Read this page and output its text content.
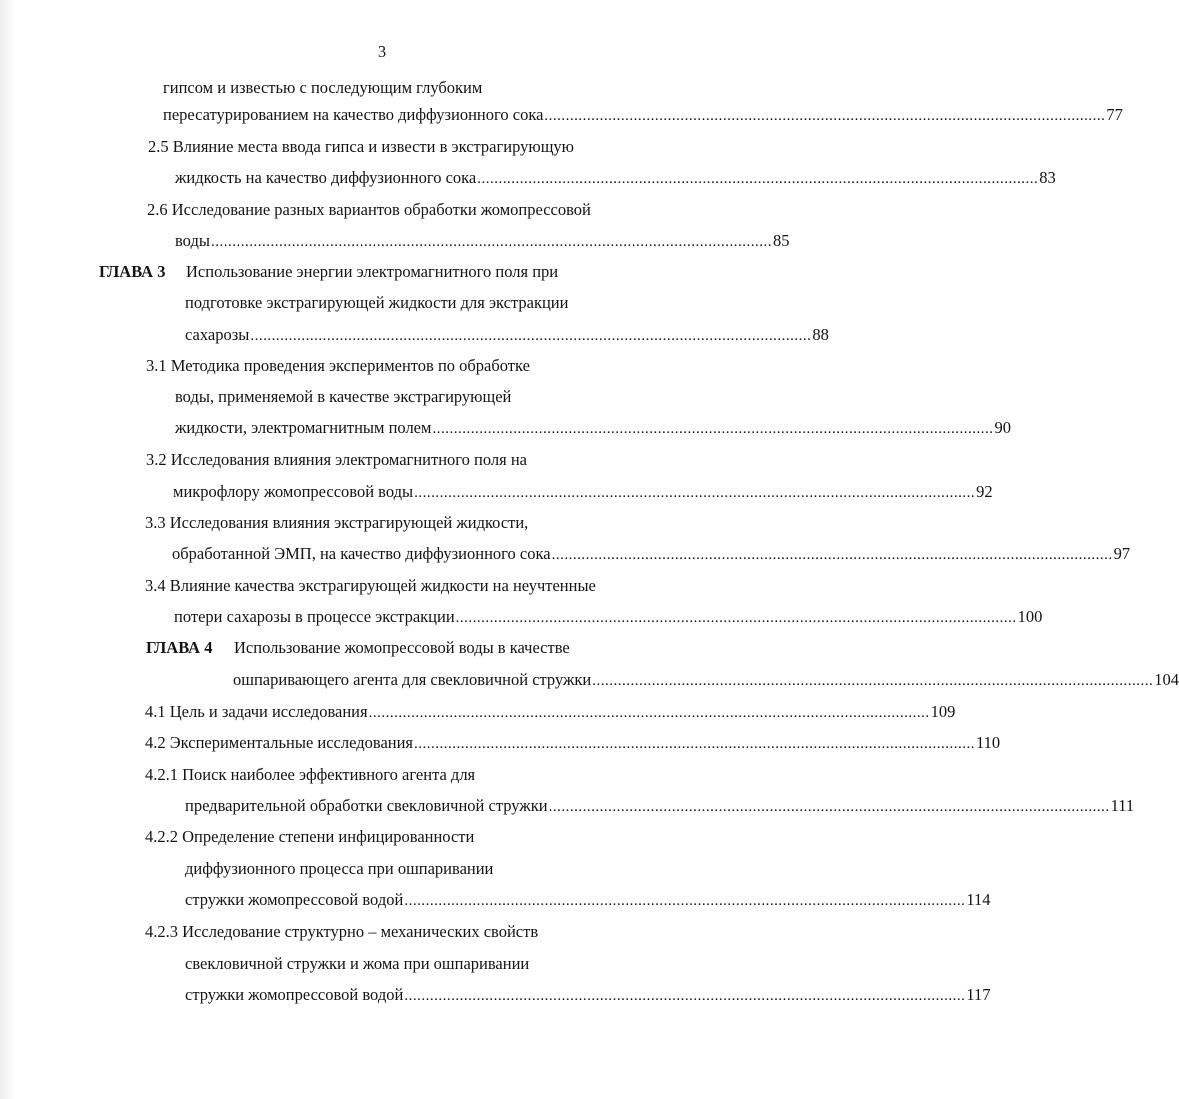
3
гипсом и известью с последующим глубоким
пересатурированием на качество диффузионного сока .................................................................................................................................... 77
2.5 Влияние места ввода гипса и извести в экстрагирующую
жидкость на качество диффузионного сока .................................................................................................................................... 83
2.6 Исследование разных вариантов обработки жомопрессовой
воды .................................................................................................................................... 85
ГЛАВА 3 Использование энергии электромагнитного поля при
подготовке экстрагирующей жидкости для экстракции
сахарозы .................................................................................................................................... 88
3.1 Методика проведения экспериментов по обработке
воды, применяемой в качестве экстрагирующей
жидкости, электромагнитным полем .................................................................................................................................... 90
3.2 Исследования влияния электромагнитного поля на
микрофлору жомопрессовой воды .................................................................................................................................... 92
3.3 Исследования влияния экстрагирующей жидкости,
обработанной ЭМП, на качество диффузионного сока .................................................................................................................................... 97
3.4 Влияние качества экстрагирующей жидкости на неучтенные
потери сахарозы в процессе экстракции .................................................................................................................................... 100
ГЛАВА 4 Использование жомопрессовой воды в качестве
ошпаривающего агента для свекловичной стружки .................................................................................................................................... 104
4.1 Цель и задачи исследования .................................................................................................................................... 109
4.2 Экспериментальные исследования .................................................................................................................................... 110
4.2.1 Поиск наиболее эффективного агента для
предварительной обработки свекловичной стружки .................................................................................................................................... 111
4.2.2 Определение степени инфицированности
диффузионного процесса при ошпаривании
стружки жомопрессовой водой .................................................................................................................................... 114
4.2.3 Исследование структурно – механических свойств
свекловичной стружки и жома при ошпаривании
стружки жомопрессовой водой .................................................................................................................................... 117
